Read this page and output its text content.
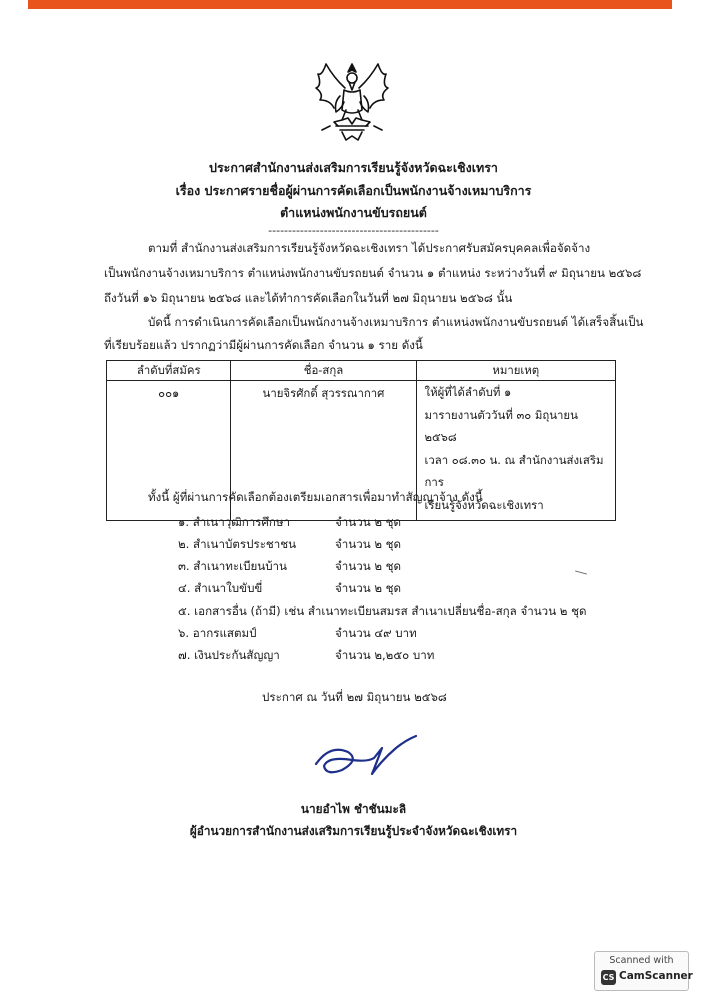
ประกาศสำนักงานส่งเสริมการเรียนรู้จังหวัดฉะเชิงเทรา
เรื่อง ประกาศรายชื่อผู้ผ่านการคัดเลือกเป็นพนักงานจ้างเหมาบริการ
ตำแหน่งพนักงานขับรถยนต์
-------------------------------------------
ตามที่ สำนักงานส่งเสริมการเรียนรู้จังหวัดฉะเชิงเทรา ได้ประกาศรับสมัครบุคคลเพื่อจัดจ้าง
เป็นพนักงานจ้างเหมาบริการ ตำแหน่งพนักงานขับรถยนต์ จำนวน ๑ ตำแหน่ง ระหว่างวันที่ ๙ มิถุนายน ๒๕๖๘
ถึงวันที่ ๑๖ มิถุนายน ๒๕๖๘ และได้ทำการคัดเลือกในวันที่ ๒๗ มิถุนายน ๒๕๖๘ นั้น
บัดนี้ การดำเนินการคัดเลือกเป็นพนักงานจ้างเหมาบริการ ตำแหน่งพนักงานขับรถยนต์ ได้เสร็จสิ้นเป็น
ที่เรียบร้อยแล้ว ปรากฏว่ามีผู้ผ่านการคัดเลือก จำนวน ๑ ราย ดังนี้
ลำดับที่สมัคร	ชื่อ-สกุล	หมายเหตุ
๐๐๑	นายจิรศักดิ์ สุวรรณากาศ	ให้ผู้ที่ได้ลำดับที่ ๑
มารายงานตัววันที่ ๓๐ มิถุนายน ๒๕๖๘
เวลา ๐๘.๓๐ น. ณ สำนักงานส่งเสริมการ
เรียนรู้จังหวัดฉะเชิงเทรา
ทั้งนี้ ผู้ที่ผ่านการคัดเลือกต้องเตรียมเอกสารเพื่อมาทำสัญญาจ้าง ดังนี้
๑. สำเนาวุฒิการศึกษา	จำนวน ๒ ชุด
๒. สำเนาบัตรประชาชน	จำนวน ๒ ชุด
๓. สำเนาทะเบียนบ้าน	จำนวน ๒ ชุด
๔. สำเนาใบขับขี่	จำนวน ๒ ชุด
๕. เอกสารอื่น (ถ้ามี) เช่น สำเนาทะเบียนสมรส สำเนาเปลี่ยนชื่อ-สกุล จำนวน ๒ ชุด
๖. อากรแสตมป์	จำนวน ๔๙ บาท
๗. เงินประกันสัญญา	จำนวน ๒,๒๕๐ บาท
ประกาศ ณ วันที่ ๒๗ มิถุนายน ๒๕๖๘
นายอำไพ ชำชันมะลิ
ผู้อำนวยการสำนักงานส่งเสริมการเรียนรู้ประจำจังหวัดฉะเชิงเทรา
Scanned with
CS CamScanner
